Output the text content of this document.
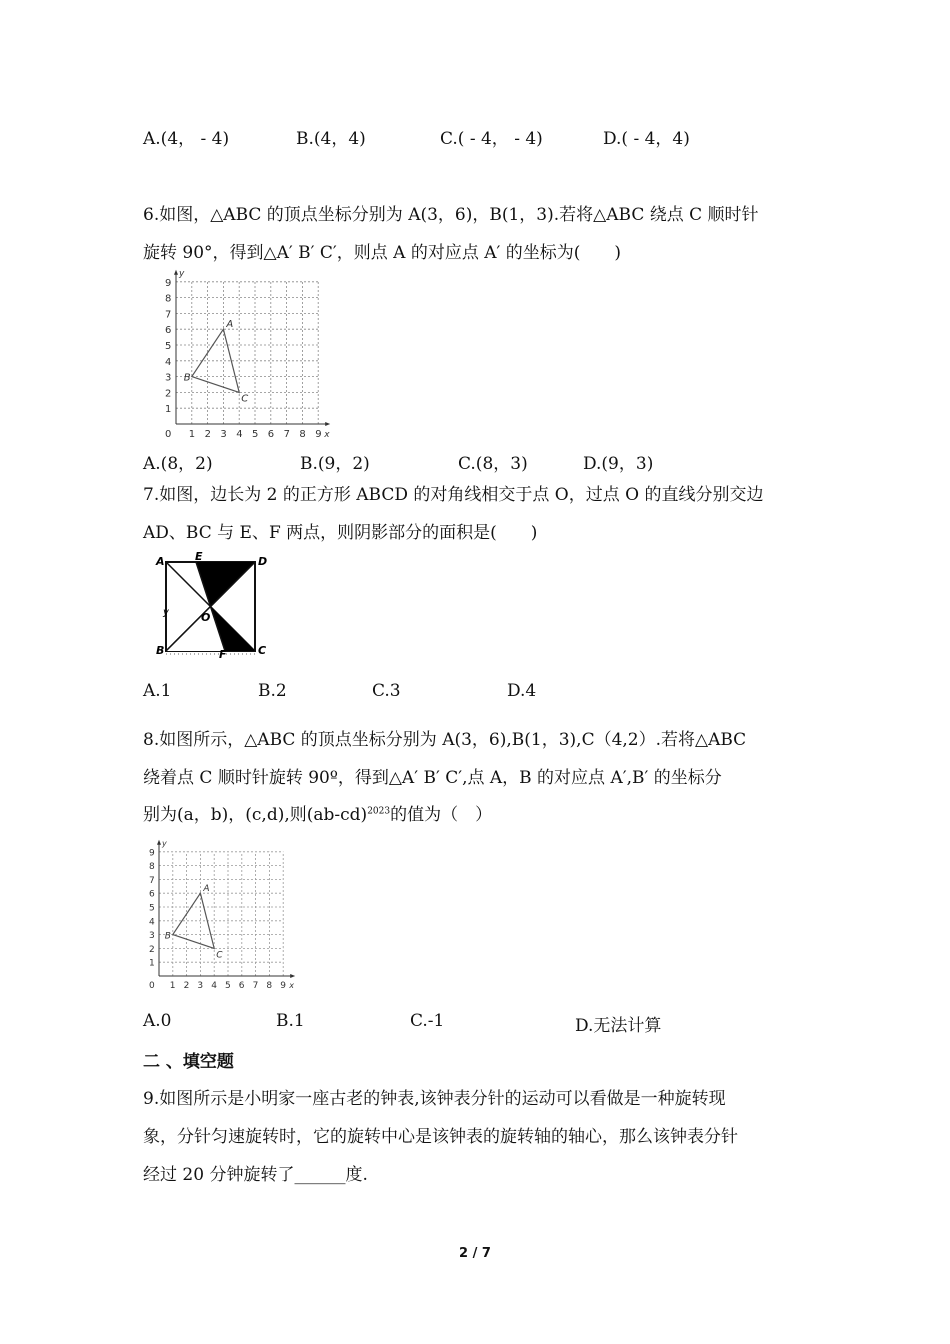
A.(4， - 4)	B.(4，4)	C.( - 4， - 4)	D.( - 4，4)
6.如图，△ABC 的顶点坐标分别为 A(3，6)，B(1，3).若将△ABC 绕点 C 顺时针
旋转 90°，得到△A′ B′ C′，则点 A 的对应点 A′ 的坐标为(　　)
0 1 2 3 4 5 6 7 8 9
1
2
3
4
5
6
7
8
9
x
y
A
B
C
A.(8，2)	B.(9，2)	C.(8，3)	D.(9，3)
7.如图，边长为 2 的正方形 ABCD 的对角线相交于点 O，过点 O 的直线分别交边
AD、BC 与 E、F 两点，则阴影部分的面积是(　　)
A	D
B	C
E
F
O
y
A.1	B.2	C.3	D.4
8.如图所示，△ABC 的顶点坐标分别为 A(3，6),B(1，3),C（4,2）.若将△ABC
绕着点 C 顺时针旋转 90º，得到△A′ B′ C′,点 A，B 的对应点 A′,B′ 的坐标分
别为(a，b)，(c,d),则$(ab-cd)^{2023}$的值为（　）
0 1 2 3 4 5 6 7 8 9
1
2
3
4
5
6
7
8
9
x
y
A
B
C
A.0	B.1	C.-1	D.无法计算
二 、填空题
9.如图所示是小明家一座古老的钟表,该钟表分针的运动可以看做是一种旋转现
象，分针匀速旋转时，它的旋转中心是该钟表的旋转轴的轴心，那么该钟表分针
经过 20 分钟旋转了______度.
2 / 7
